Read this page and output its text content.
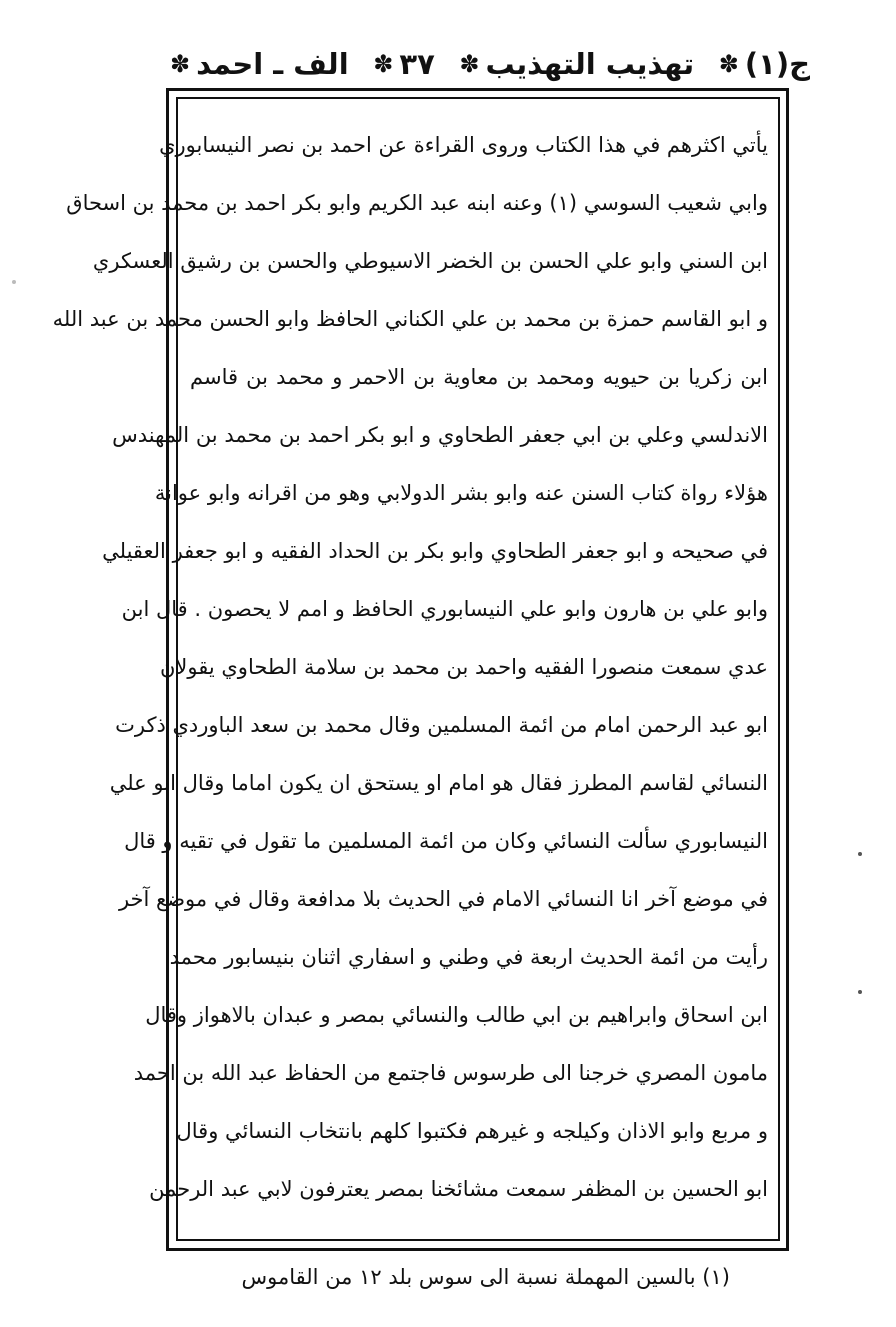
ج(۱)
✽
تهذيب التهذيب
✽
۳۷
✽
الف ـ احمد
✽
يأتي اكثرهم في هذا الكتاب وروى القراءة عن احمد بن نصر النيسابوري
وابي شعيب السوسي (۱) وعنه ابنه عبد الكريم وابو بكر احمد بن محمد بن اسحاق
ابن السني وابو علي الحسن بن الخضر الاسيوطي والحسن بن رشيق العسكري
و ابو القاسم حمزة بن محمد بن علي الكناني الحافظ وابو الحسن محمد بن عبد الله
ابن زكريا بن حيويه ومحمد بن معاوية بن الاحمر و محمد بن قاسم
الاندلسي وعلي بن ابي جعفر الطحاوي و ابو بكر احمد بن محمد بن المهندس
هؤلاء رواة كتاب السنن عنه وابو بشر الدولابي وهو من اقرانه وابو عوانة
في صحيحه و ابو جعفر الطحاوي وابو بكر بن الحداد الفقيه و ابو جعفر العقيلي
وابو علي بن هارون وابو علي النيسابوري الحافظ و امم لا يحصون . قال ابن
عدي سمعت منصورا الفقيه واحمد بن محمد بن سلامة الطحاوي يقولان
ابو عبد الرحمن امام من ائمة المسلمين وقال محمد بن سعد الباوردي ذكرت
النسائي لقاسم المطرز فقال هو امام او يستحق ان يكون اماما وقال ابو علي
النيسابوري سألت النسائي وكان من ائمة المسلمين ما تقول في تقيه و قال
في موضع آخر انا النسائي الامام في الحديث بلا مدافعة وقال في موضع آخر
رأيت من ائمة الحديث اربعة في وطني و اسفاري اثنان بنيسابور محمد
ابن اسحاق وابراهيم بن ابي طالب والنسائي بمصر و عبدان بالاهواز وقال
مامون المصري خرجنا الى طرسوس فاجتمع من الحفاظ عبد الله بن احمد
و مربع وابو الاذان وكيلجه و غيرهم فكتبوا كلهم بانتخاب النسائي وقال
ابو الحسين بن المظفر سمعت مشائخنا بمصر يعترفون لابي عبد الرحمن
(۱) بالسين المهملة نسبة الى سوس بلد ۱۲ من القاموس
